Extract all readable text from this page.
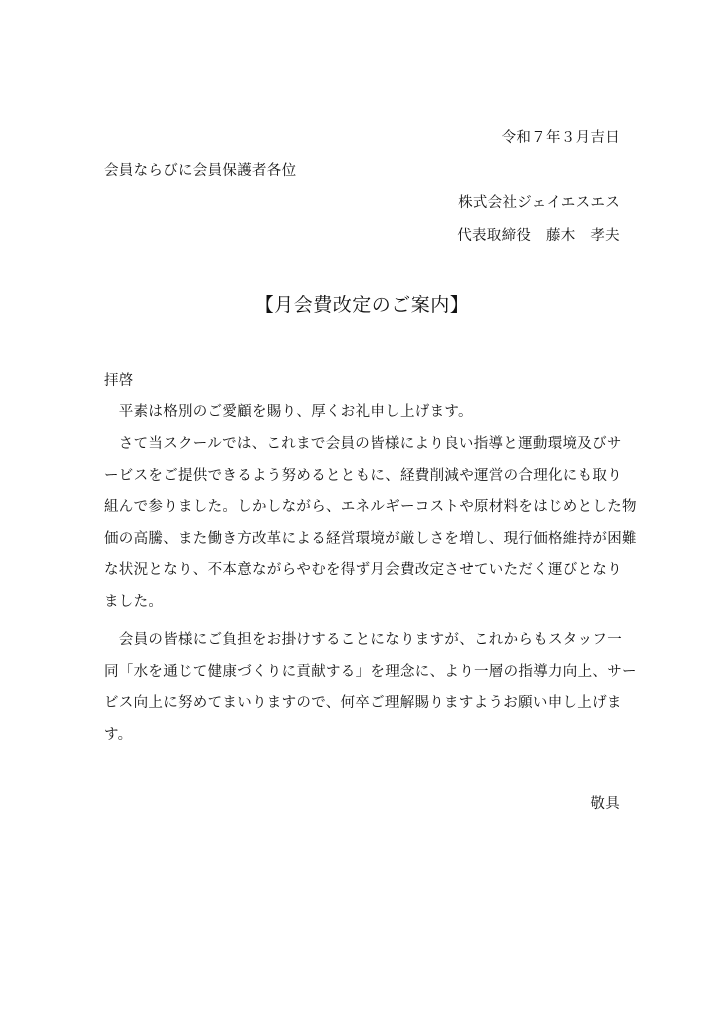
令和７年３月吉日
会員ならびに会員保護者各位
株式会社ジェイエスエス
代表取締役　藤木　孝夫
【月会費改定のご案内】
拝啓
　平素は格別のご愛顧を賜り、厚くお礼申し上げます。
　さて当スクールでは、これまで会員の皆様により良い指導と運動環境及びサ
ービスをご提供できるよう努めるとともに、経費削減や運営の合理化にも取り
組んで参りました。しかしながら、エネルギーコストや原材料をはじめとした物
価の高騰、また働き方改革による経営環境が厳しさを増し、現行価格維持が困難
な状況となり、不本意ながらやむを得ず月会費改定させていただく運びとなり
ました。
　会員の皆様にご負担をお掛けすることになりますが、これからもスタッフ一
同「水を通じて健康づくりに貢献する」を理念に、より一層の指導力向上、サー
ビス向上に努めてまいりますので、何卒ご理解賜りますようお願い申し上げま
す。
敬具
